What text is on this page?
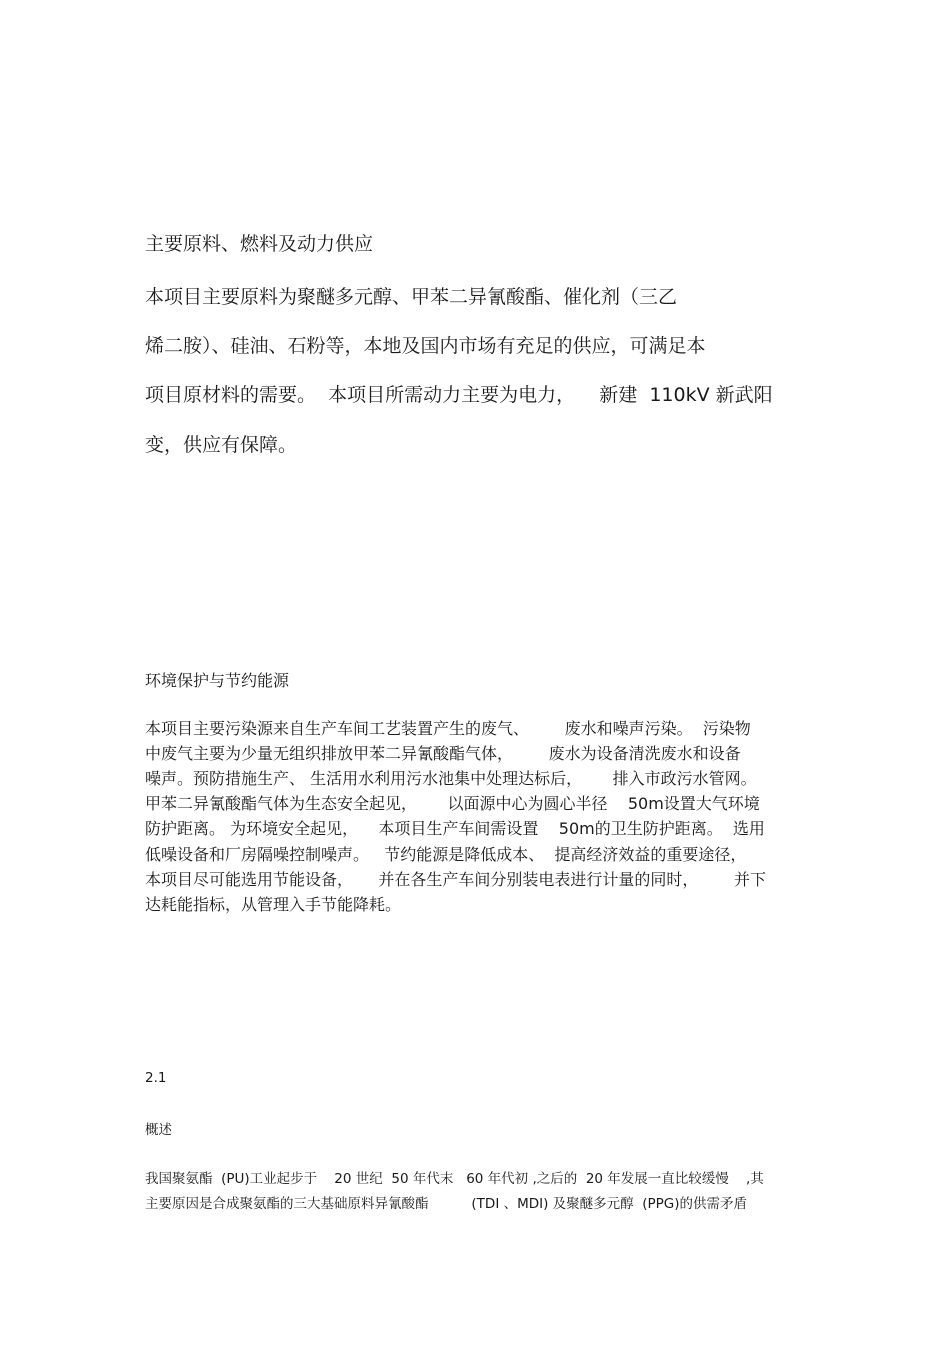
主要原料、燃料及动力供应

本项目主要原料为聚醚多元醇、甲苯二异氰酸酯、催化剂（三乙

烯二胺）、硅油、石粉等，本地及国内市场有充足的供应，可满足本

项目原材料的需要。  本项目所需动力主要为电力，    新建  110kV 新武阳

变，供应有保障。

环境保护与节约能源

本项目主要污染源来自生产车间工艺装置产生的废气、       废水和噪声污染。  污染物

中废气主要为少量无组织排放甲苯二异氰酸酯气体，       废水为设备清洗废水和设备

噪声。预防措施生产、 生活用水利用污水池集中处理达标后，      排入市政污水管网。

甲苯二异氰酸酯气体为生态安全起见，      以面源中心为圆心半径    50m设置大气环境

防护距离。 为环境安全起见，    本项目生产车间需设置    50m的卫生防护距离。  选用

低噪设备和厂房隔噪控制噪声。   节约能源是降低成本、  提高经济效益的重要途径，

本项目尽可能选用节能设备，     并在各生产车间分别装电表进行计量的同时，       并下

达耗能指标，从管理入手节能降耗。

2.1

概述

我国聚氨酯  (PU)工业起步于    20 世纪  50 年代末   60 年代初 ,之后的  20 年发展一直比较缓慢    ,其

主要原因是合成聚氨酯的三大基础原料异氰酸酯          (TDI 、MDI) 及聚醚多元醇  (PPG)的供需矛盾
